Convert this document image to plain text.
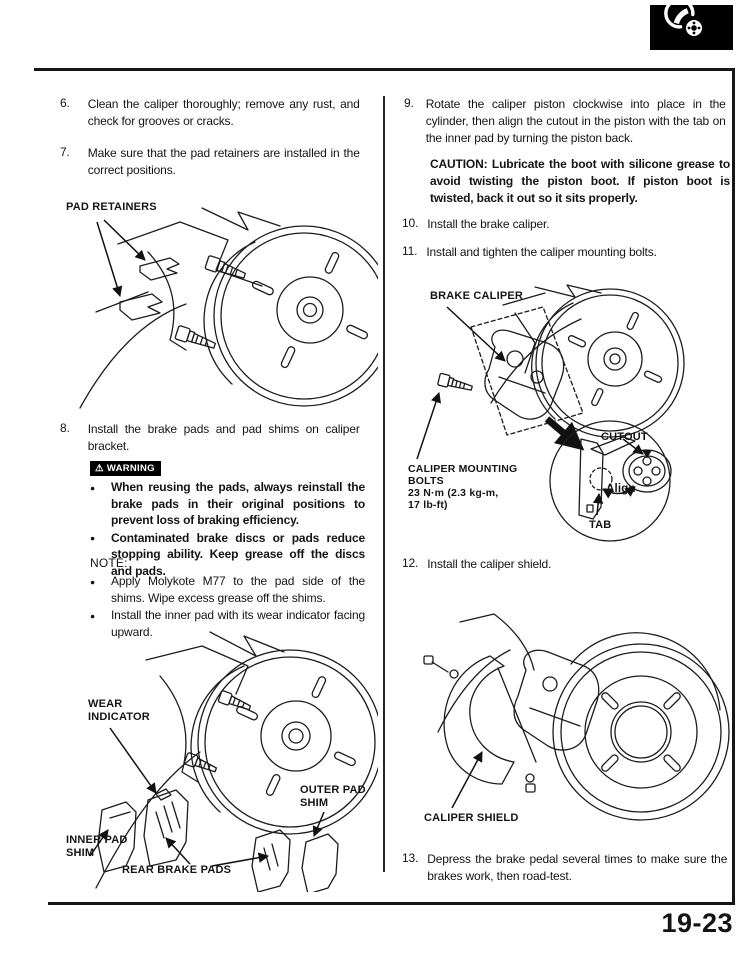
6. Clean the caliper thoroughly; remove any rust, and check for grooves or cracks.
7. Make sure that the pad retainers are installed in the correct positions.
PAD RETAINERS
8. Install the brake pads and pad shims on caliper bracket.
⚠ WARNING
●	When reusing the pads, always reinstall the brake pads in their original positions to prevent loss of braking efficiency.
●	Contaminated brake discs or pads reduce stopping ability. Keep grease off the discs and pads.
NOTE:
●	Apply Molykote M77 to the pad side of the shims. Wipe excess grease off the shims.
●	Install the inner pad with its wear indicator facing upward.
WEAR
INDICATOR
INNER PAD
SHIM
REAR BRAKE PADS
OUTER PAD
SHIM
9. Rotate the caliper piston clockwise into place in the cylinder, then align the cutout in the piston with the tab on the inner pad by turning the piston back.
CAUTION: Lubricate the boot with silicone grease to avoid twisting the piston boot. If piston boot is twisted, back it out so it sits properly.
10. Install the brake caliper.
11. Install and tighten the caliper mounting bolts.
BRAKE CALIPER
CALIPER MOUNTING
BOLTS
23 N·m (2.3 kg-m,
17 lb-ft)
CUTOUT
Align
TAB
12. Install the caliper shield.
CALIPER SHIELD
13. Depress the brake pedal several times to make sure the brakes work, then road-test.
19-23
